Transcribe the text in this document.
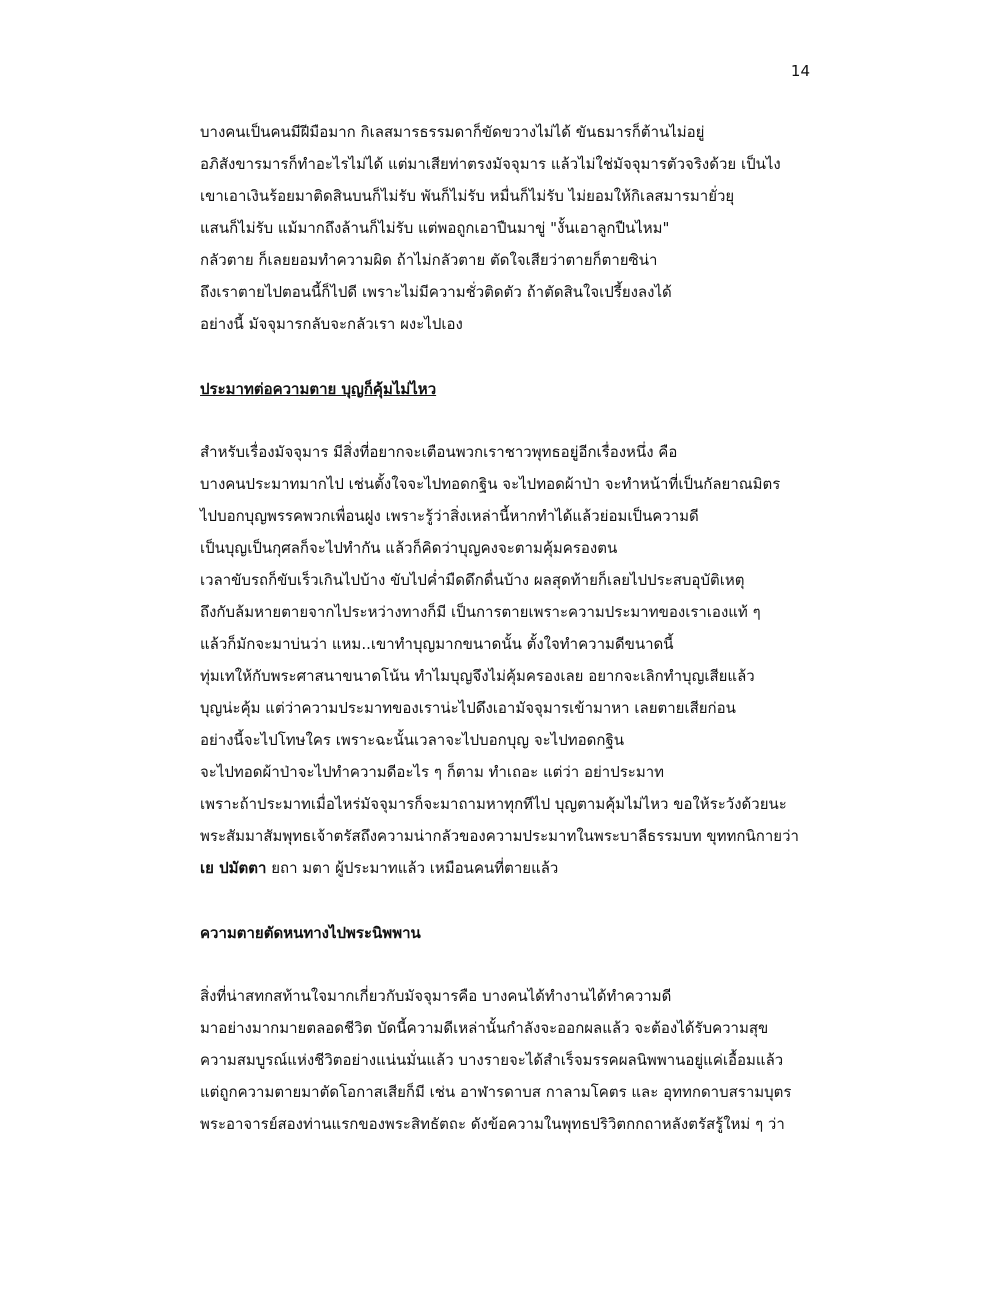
14
บางคนเป็นคนมีฝีมือมาก กิเลสมารธรรมดาก็ขัดขวางไม่ได้ ขันธมารก็ต้านไม่อยู่
อภิสังขารมารก็ทำอะไรไม่ได้ แต่มาเสียท่าตรงมัจจุมาร แล้วไม่ใช่มัจจุมารตัวจริงด้วย เป็นไง
เขาเอาเงินร้อยมาติดสินบนก็ไม่รับ พันก็ไม่รับ หมื่นก็ไม่รับ ไม่ยอมให้กิเลสมารมายั่วยุ
แสนก็ไม่รับ แม้มากถึงล้านก็ไม่รับ แต่พอถูกเอาปืนมาขู่ "งั้นเอาลูกปืนไหม"
กลัวตาย ก็เลยยอมทำความผิด ถ้าไม่กลัวตาย ตัดใจเสียว่าตายก็ตายซิน่า
ถึงเราตายไปตอนนี้ก็ไปดี เพราะไม่มีความชั่วติดตัว ถ้าตัดสินใจเปรี้ยงลงได้
อย่างนี้ มัจจุมารกลับจะกลัวเรา ผงะไปเอง
ประมาทต่อความตาย บุญก็คุ้มไม่ไหว
สำหรับเรื่องมัจจุมาร มีสิ่งที่อยากจะเตือนพวกเราชาวพุทธอยู่อีกเรื่องหนึ่ง คือ
บางคนประมาทมากไป เช่นตั้งใจจะไปทอดกฐิน จะไปทอดผ้าป่า จะทำหน้าที่เป็นกัลยาณมิตร
ไปบอกบุญพรรคพวกเพื่อนฝูง เพราะรู้ว่าสิ่งเหล่านี้หากทำได้แล้วย่อมเป็นความดี
เป็นบุญเป็นกุศลก็จะไปทำกัน แล้วก็คิดว่าบุญคงจะตามคุ้มครองตน
เวลาขับรถก็ขับเร็วเกินไปบ้าง ขับไปค่ำมืดดึกดื่นบ้าง ผลสุดท้ายก็เลยไปประสบอุบัติเหตุ
ถึงกับล้มหายตายจากไประหว่างทางก็มี เป็นการตายเพราะความประมาทของเราเองแท้ ๆ
แล้วก็มักจะมาบ่นว่า แหม..เขาทำบุญมากขนาดนั้น ตั้งใจทำความดีขนาดนี้
ทุ่มเทให้กับพระศาสนาขนาดโน้น ทำไมบุญจึงไม่คุ้มครองเลย อยากจะเลิกทำบุญเสียแล้ว
บุญน่ะคุ้ม แต่ว่าความประมาทของเราน่ะไปดึงเอามัจจุมารเข้ามาหา เลยตายเสียก่อน
อย่างนี้จะไปโทษใคร เพราะฉะนั้นเวลาจะไปบอกบุญ จะไปทอดกฐิน
จะไปทอดผ้าป่าจะไปทำความดีอะไร ๆ ก็ตาม ทำเถอะ แต่ว่า อย่าประมาท
เพราะถ้าประมาทเมื่อไหร่มัจจุมารก็จะมาถามหาทุกทีไป บุญตามคุ้มไม่ไหว ขอให้ระวังด้วยนะ
พระสัมมาสัมพุทธเจ้าตรัสถึงความน่ากลัวของความประมาทในพระบาลีธรรมบท ขุททกนิกายว่า
เย ปมัตตา ยถา มตา ผู้ประมาทแล้ว เหมือนคนที่ตายแล้ว
ความตายตัดหนทางไปพระนิพพาน
สิ่งที่น่าสทกสท้านใจมากเกี่ยวกับมัจจุมารคือ บางคนได้ทำงานได้ทำความดี
มาอย่างมากมายตลอดชีวิต บัดนี้ความดีเหล่านั้นกำลังจะออกผลแล้ว จะต้องได้รับความสุข
ความสมบูรณ์แห่งชีวิตอย่างแน่นมั่นแล้ว บางรายจะได้สำเร็จมรรคผลนิพพานอยู่แค่เอื้อมแล้ว
แต่ถูกความตายมาตัดโอกาสเสียก็มี เช่น อาฬารดาบส กาลามโคตร และ อุททกดาบสรามบุตร
พระอาจารย์สองท่านแรกของพระสิทธัตถะ ดังข้อความในพุทธปริวิตกกถาหลังตรัสรู้ใหม่ ๆ ว่า
